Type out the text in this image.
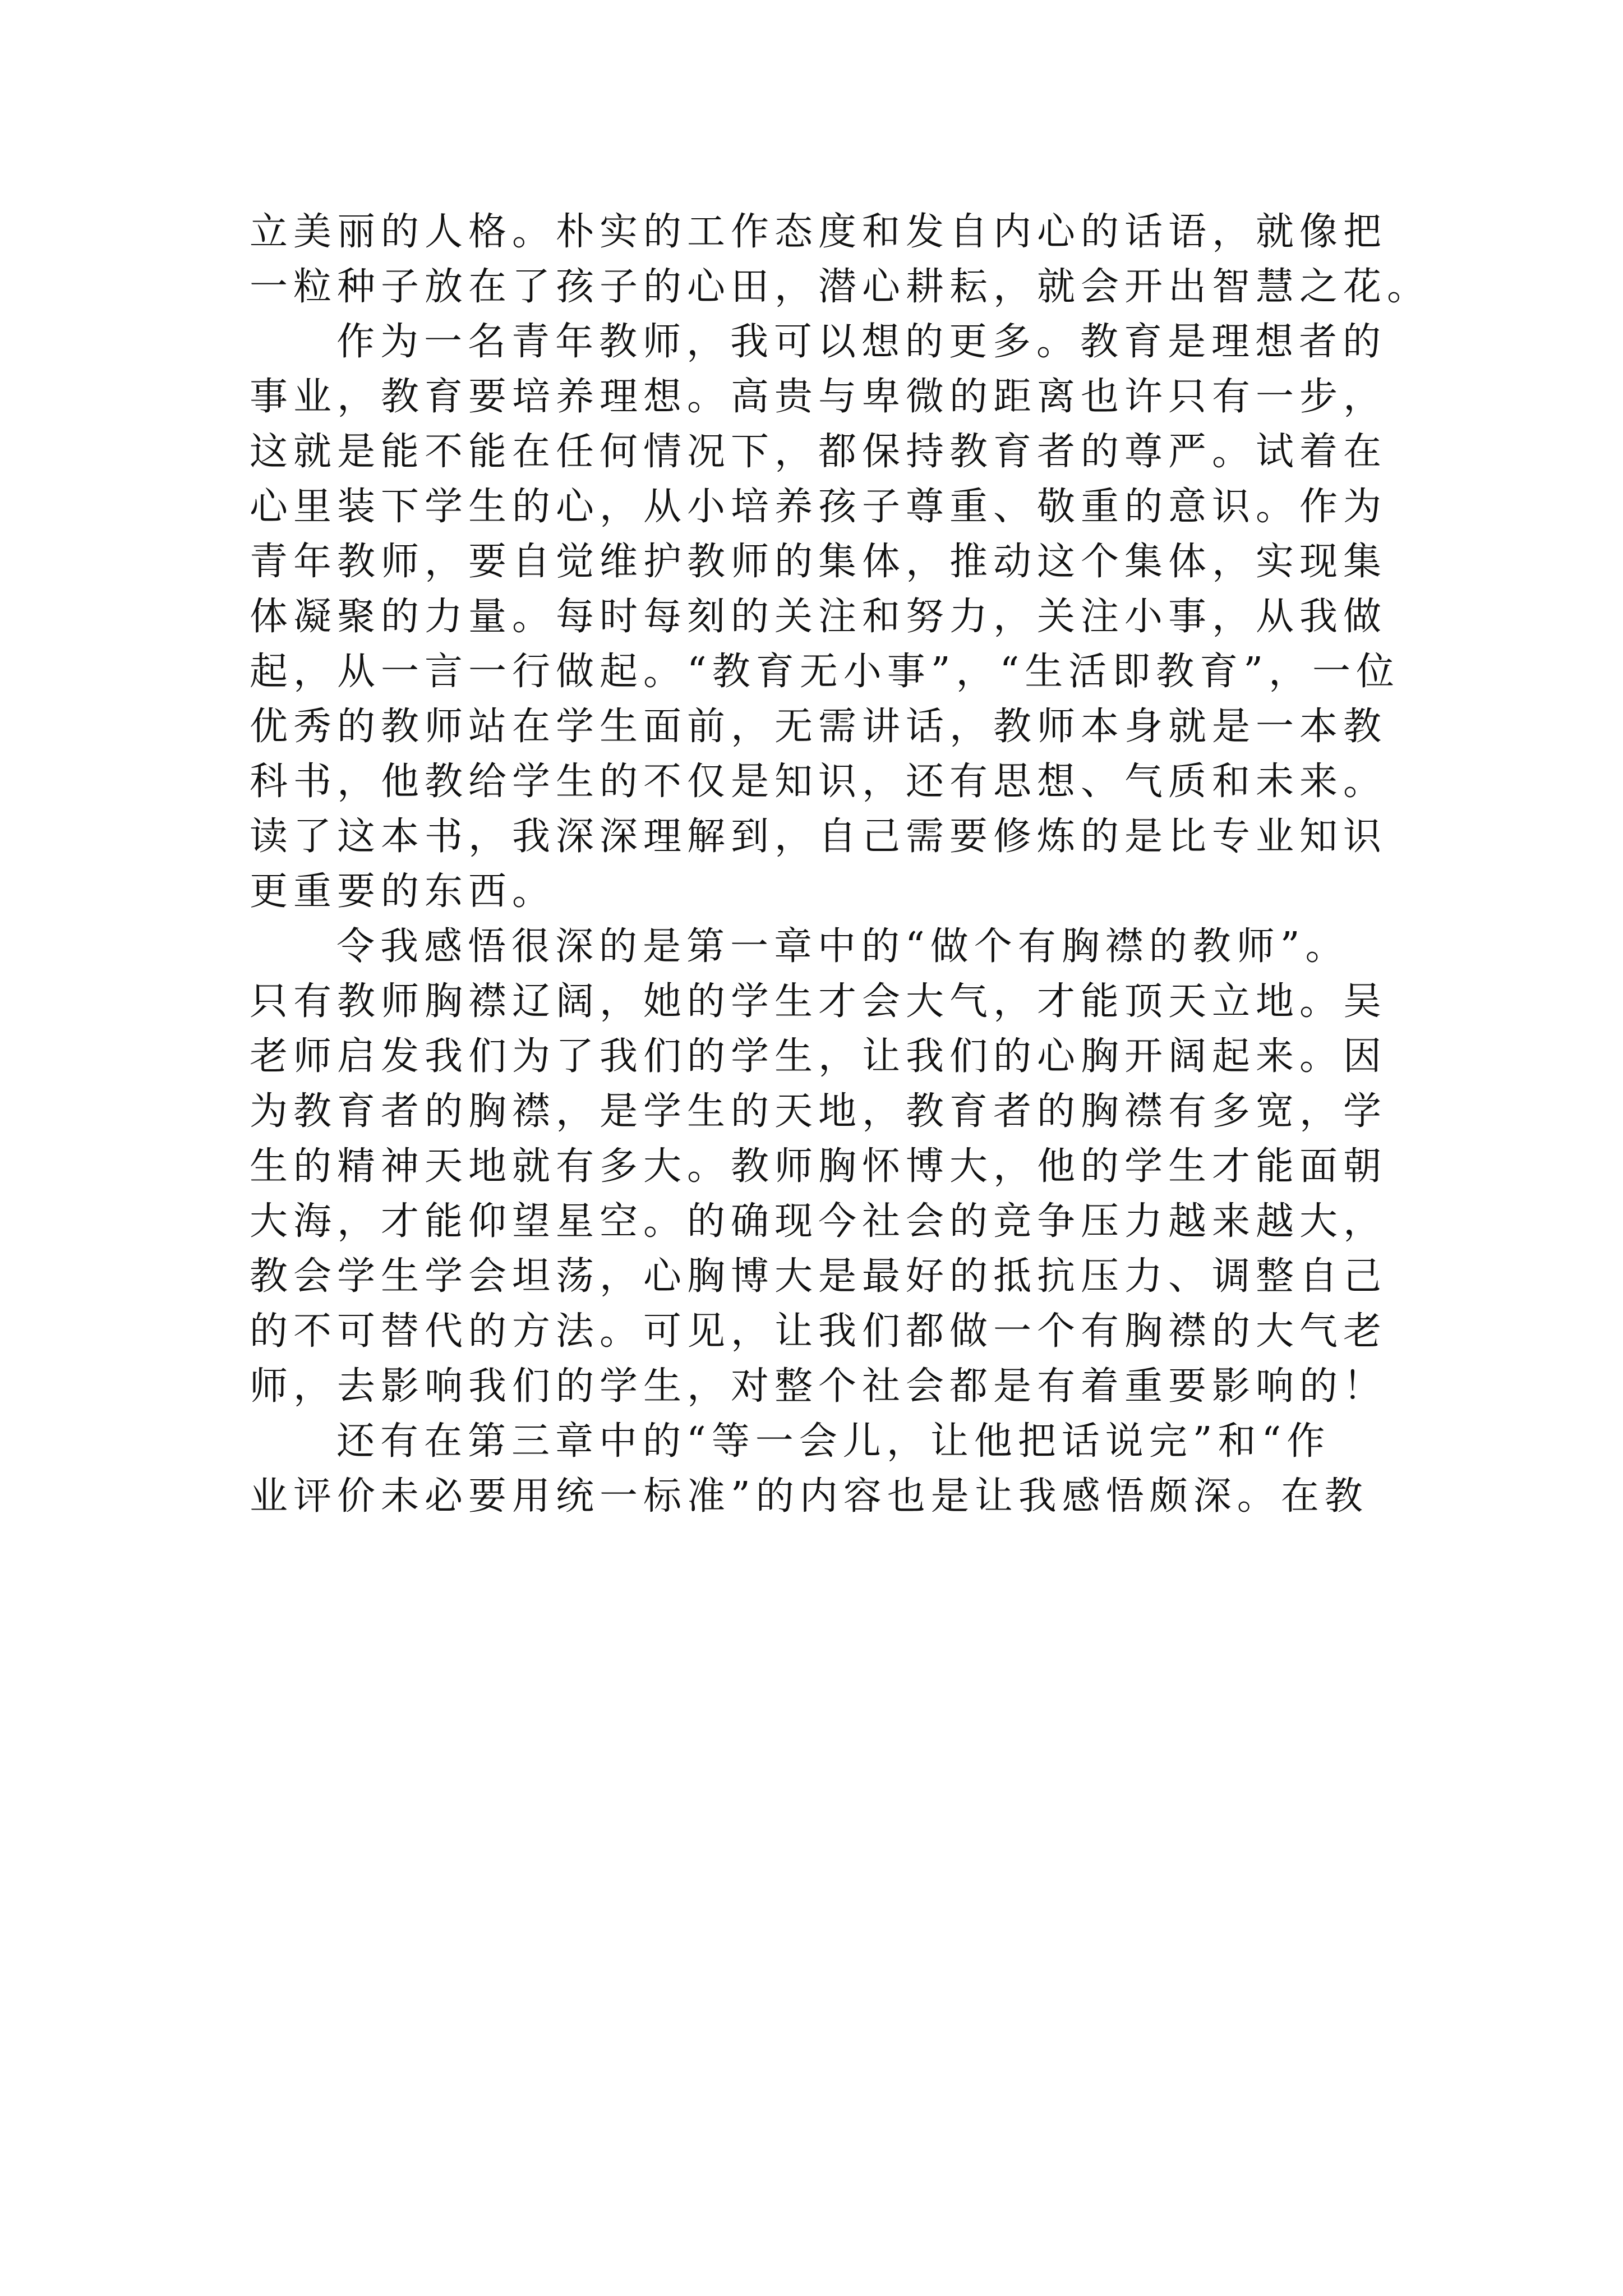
立美丽的人格。朴实的工作态度和发自内心的话语，就像把
一粒种子放在了孩子的心田，潜心耕耘，就会开出智慧之花。
作为一名青年教师，我可以想的更多。教育是理想者的
事业，教育要培养理想。高贵与卑微的距离也许只有一步，
这就是能不能在任何情况下，都保持教育者的尊严。试着在
心里装下学生的心，从小培养孩子尊重、敬重的意识。作为
青年教师，要自觉维护教师的集体，推动这个集体，实现集
体凝聚的力量。每时每刻的关注和努力，关注小事，从我做
起，从一言一行做起。“教育无小事”，“生活即教育”，一位
优秀的教师站在学生面前，无需讲话，教师本身就是一本教
科书，他教给学生的不仅是知识，还有思想、气质和未来。
读了这本书，我深深理解到，自己需要修炼的是比专业知识
更重要的东西。
令我感悟很深的是第一章中的“做个有胸襟的教师”。
只有教师胸襟辽阔，她的学生才会大气，才能顶天立地。吴
老师启发我们为了我们的学生，让我们的心胸开阔起来。因
为教育者的胸襟，是学生的天地，教育者的胸襟有多宽，学
生的精神天地就有多大。教师胸怀博大，他的学生才能面朝
大海，才能仰望星空。的确现今社会的竞争压力越来越大，
教会学生学会坦荡，心胸博大是最好的抵抗压力、调整自己
的不可替代的方法。可见，让我们都做一个有胸襟的大气老
师，去影响我们的学生，对整个社会都是有着重要影响的！
还有在第三章中的“等一会儿，让他把话说完”和“作
业评价未必要用统一标准”的内容也是让我感悟颇深。在教
